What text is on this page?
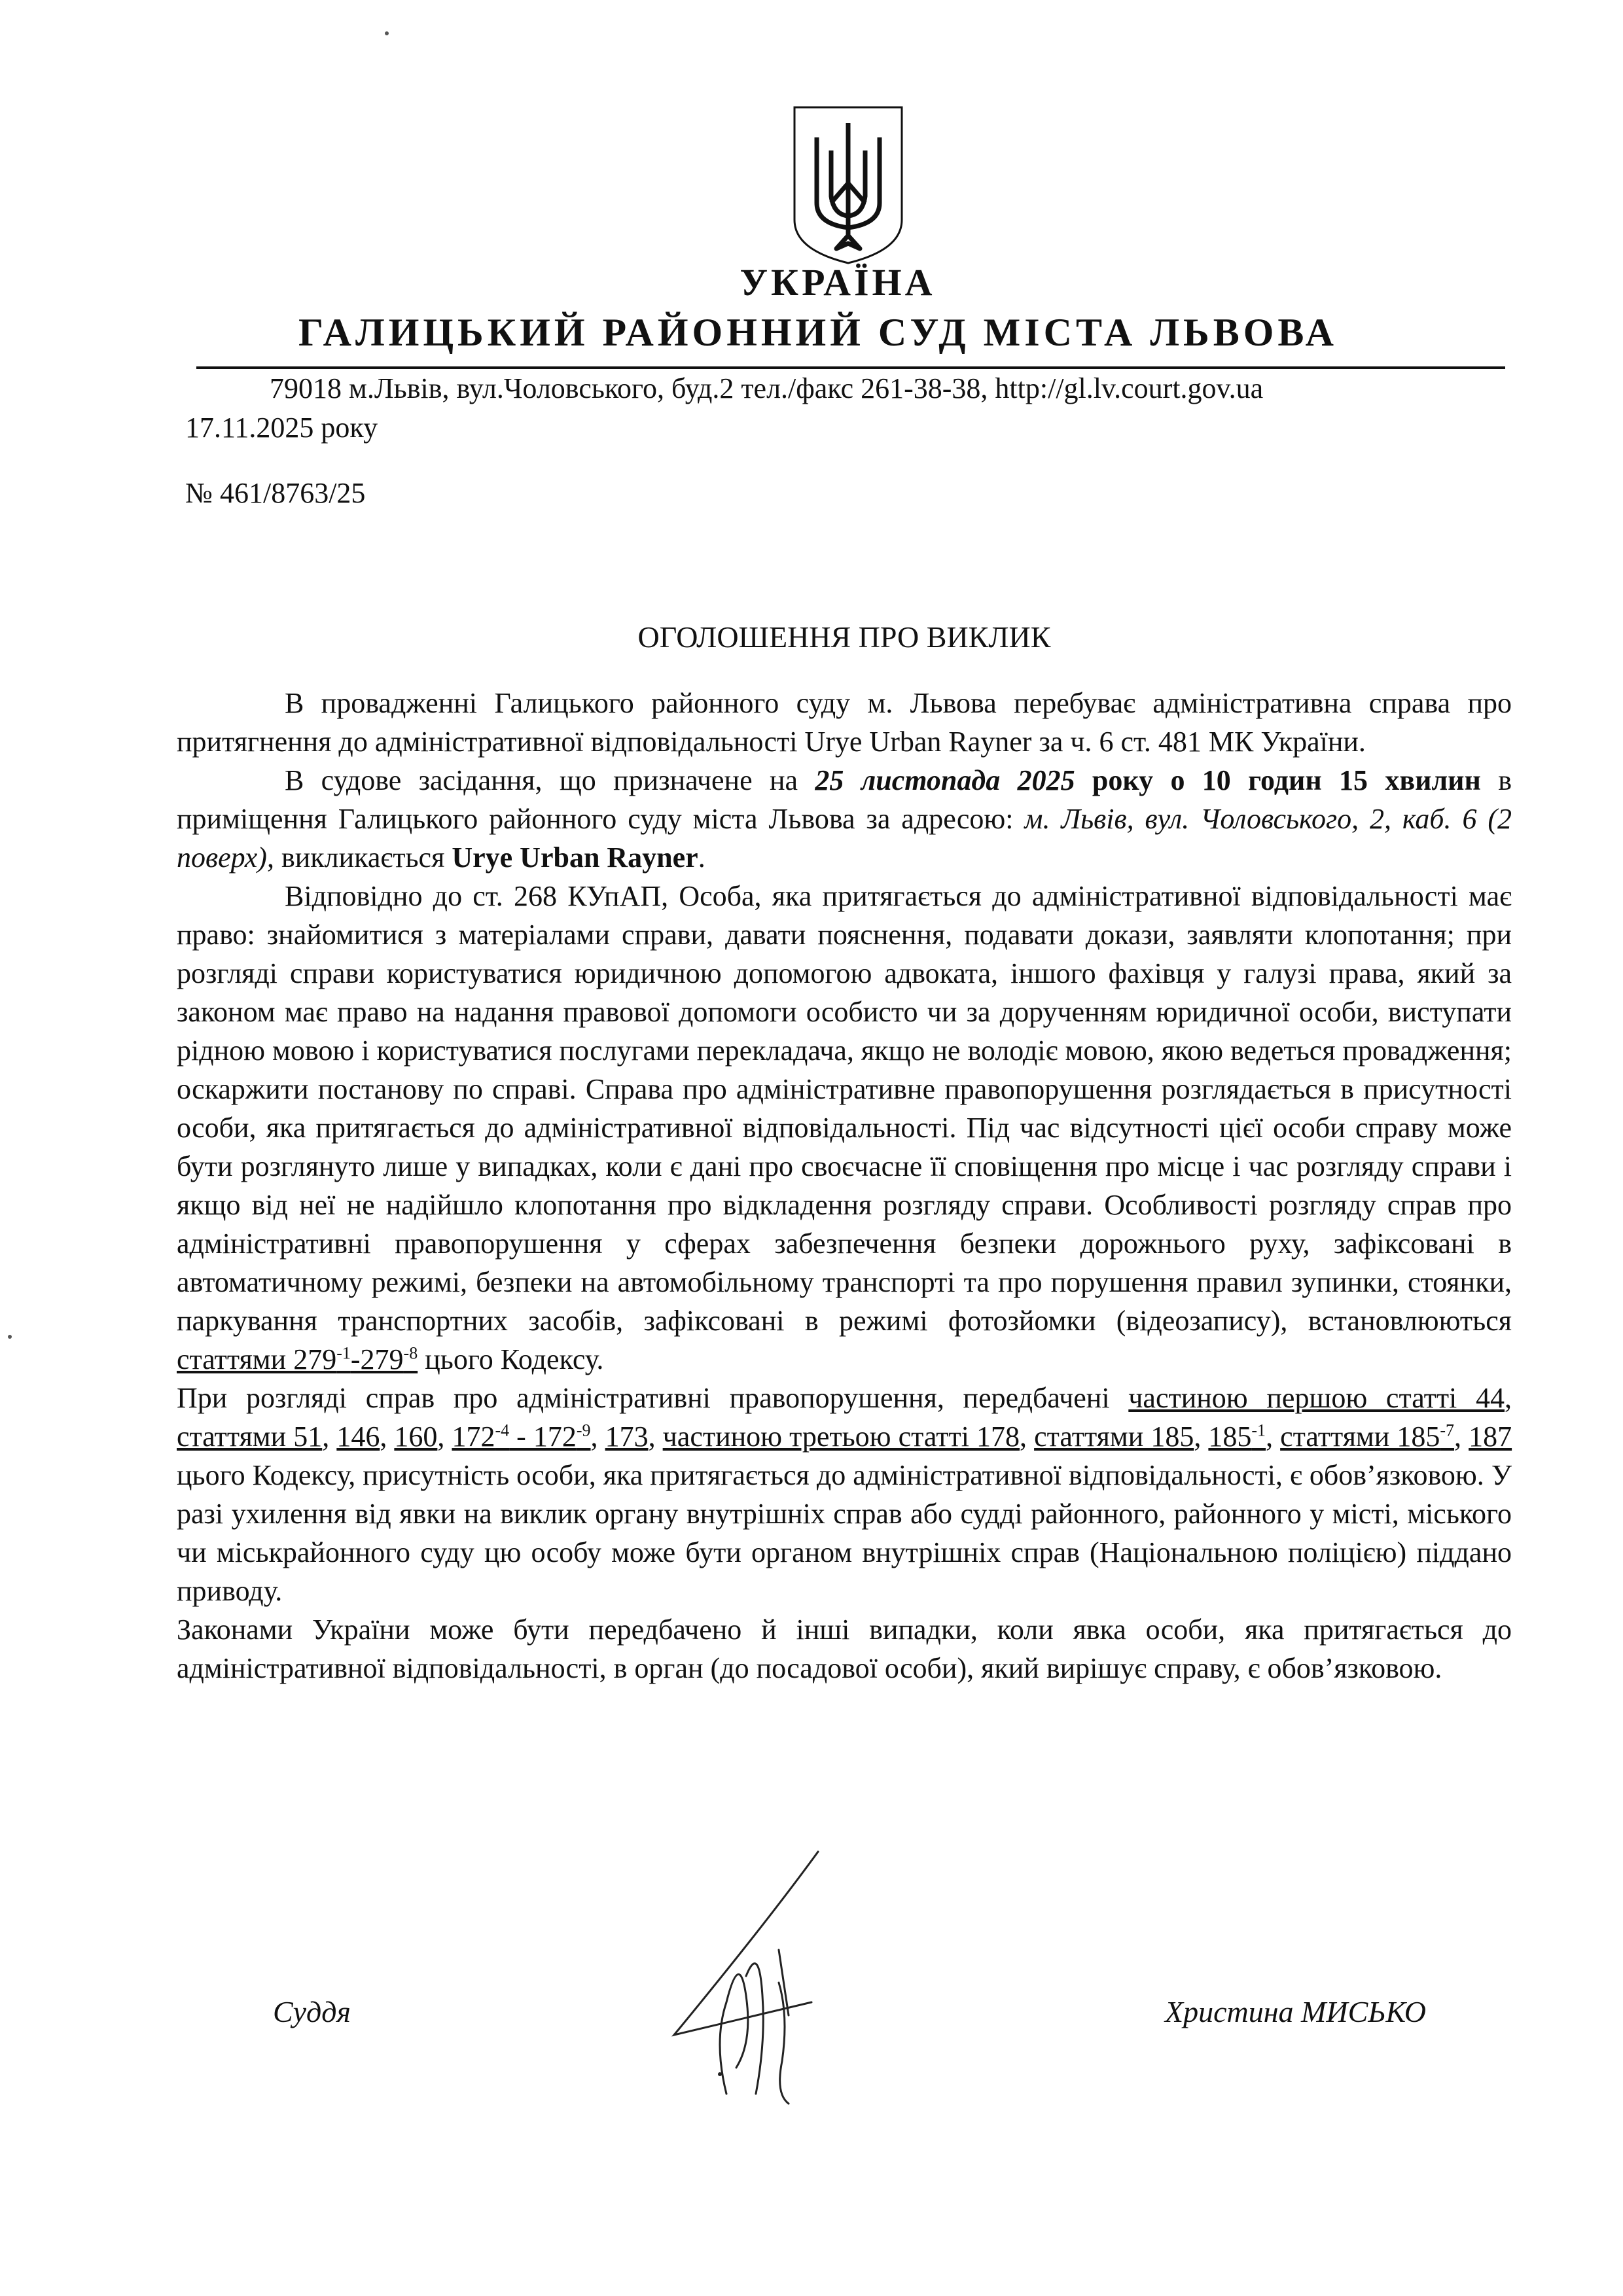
УКРАЇНА
ГАЛИЦЬКИЙ РАЙОННИЙ СУД МІСТА ЛЬВОВА
79018 м.Львів, вул.Чоловського, буд.2 тел./факс 261-38-38, http://gl.lv.court.gov.ua
17.11.2025 року
№ 461/8763/25
ОГОЛОШЕННЯ ПРО ВИКЛИК

В провадженні Галицького районного суду м. Львова перебуває адміністративна справа про притягнення до адміністративної відповідальності Urye Urban Rayner за ч. 6 ст. 481 МК України.

В судове засідання, що призначене на 25 листопада 2025 року о 10 годин 15 хвилин в приміщення Галицького районного суду міста Львова за адресою: м. Львів, вул. Чоловського, 2, каб. 6 (2 поверх), викликається Urye Urban Rayner.

Відповідно до ст. 268 КУпАП, Особа, яка притягається до адміністративної відповідальності має право: знайомитися з матеріалами справи, давати пояснення, подавати докази, заявляти клопотання; при розгляді справи користуватися юридичною допомогою адвоката, іншого фахівця у галузі права, який за законом має право на надання правової допомоги особисто чи за дорученням юридичної особи, виступати рідною мовою і користуватися послугами перекладача, якщо не володіє мовою, якою ведеться провадження; оскаржити постанову по справі. Справа про адміністративне правопорушення розглядається в присутності особи, яка притягається до адміністративної відповідальності. Під час відсутності цієї особи справу може бути розглянуто лише у випадках, коли є дані про своєчасне її сповіщення про місце і час розгляду справи і якщо від неї не надійшло клопотання про відкладення розгляду справи. Особливості розгляду справ про адміністративні правопорушення у сферах забезпечення безпеки дорожнього руху, зафіксовані в автоматичному режимі, безпеки на автомобільному транспорті та про порушення правил зупинки, стоянки, паркування транспортних засобів, зафіксовані в режимі фотозйомки (відеозапису), встановлюються статтями $279^{-1}-279^{-8}$ цього Кодексу.

При розгляді справ про адміністративні правопорушення, передбачені частиною першою статті 44, статтями 51, 146, 160, $172^{-4} - 172^{-9}$, 173, частиною третьою статті 178, статтями 185, $185^{-1}$, статтями $185^{-7}$, 187 цього Кодексу, присутність особи, яка притягається до адміністративної відповідальності, є обов’язковою. У разі ухилення від явки на виклик органу внутрішніх справ або судді районного, районного у місті, міського чи міськрайонного суду цю особу може бути органом внутрішніх справ (Національною поліцією) піддано приводу.

Законами України може бути передбачено й інші випадки, коли явка особи, яка притягається до адміністративної відповідальності, в орган (до посадової особи), який вирішує справу, є обов’язковою.

Суддя	Христина МИСЬКО
